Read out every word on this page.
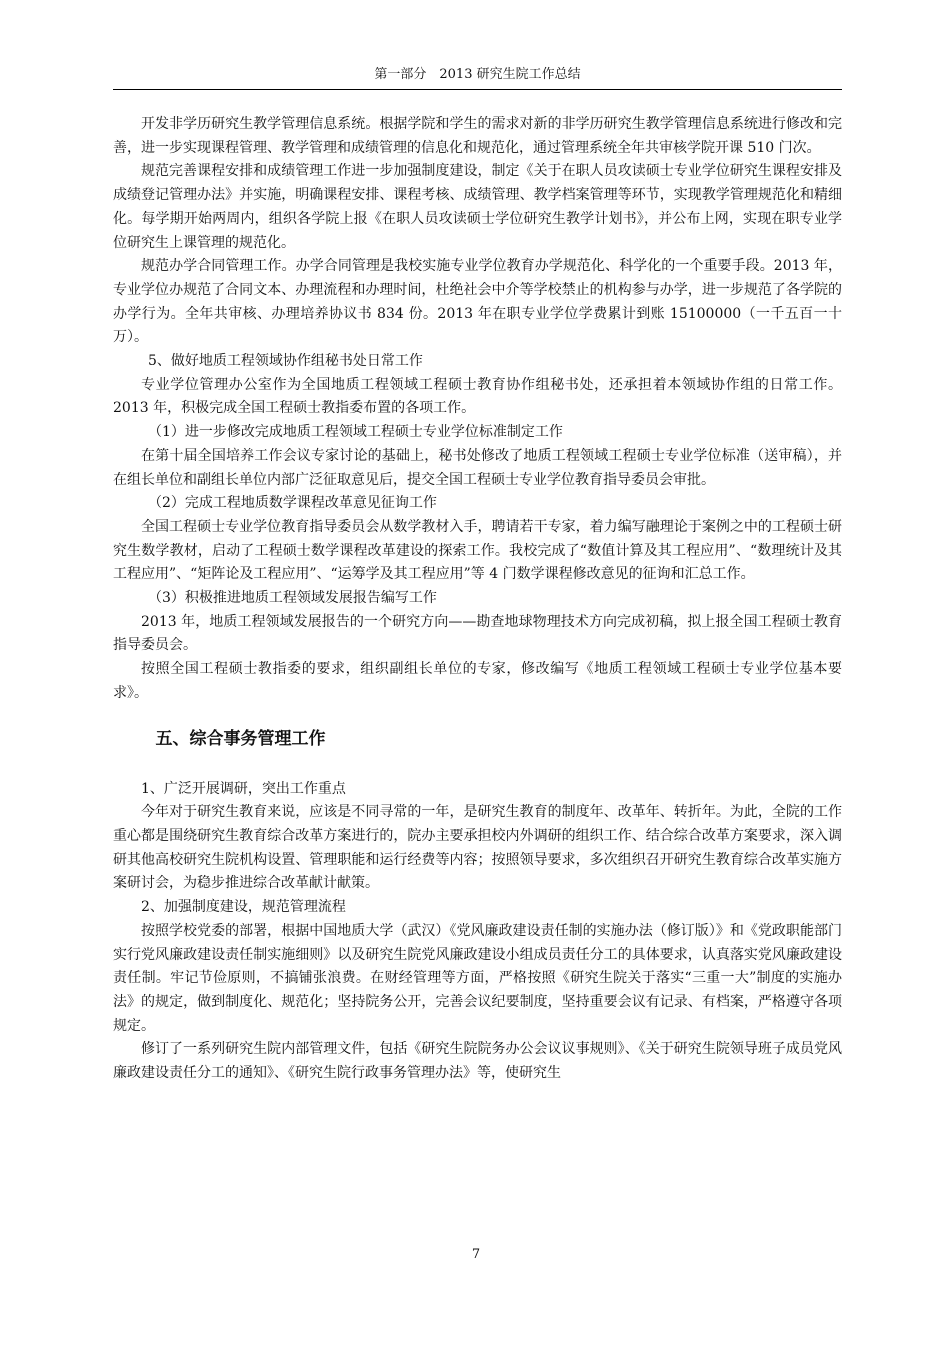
第一部分　2013 研究生院工作总结

开发非学历研究生教学管理信息系统。根据学院和学生的需求对新的非学历研究生教学管理信息系统进行修改和完善，进一步实现课程管理、教学管理和成绩管理的信息化和规范化，通过管理系统全年共审核学院开课 510 门次。

规范完善课程安排和成绩管理工作进一步加强制度建设，制定《关于在职人员攻读硕士专业学位研究生课程安排及成绩登记管理办法》并实施，明确课程安排、课程考核、成绩管理、教学档案管理等环节，实现教学管理规范化和精细化。每学期开始两周内，组织各学院上报《在职人员攻读硕士学位研究生教学计划书》，并公布上网，实现在职专业学位研究生上课管理的规范化。

规范办学合同管理工作。办学合同管理是我校实施专业学位教育办学规范化、科学化的一个重要手段。2013 年，专业学位办规范了合同文本、办理流程和办理时间，杜绝社会中介等学校禁止的机构参与办学，进一步规范了各学院的办学行为。全年共审核、办理培养协议书 834 份。2013 年在职专业学位学费累计到账 15100000（一千五百一十万）。

5、做好地质工程领域协作组秘书处日常工作

专业学位管理办公室作为全国地质工程领域工程硕士教育协作组秘书处，还承担着本领域协作组的日常工作。2013 年，积极完成全国工程硕士教指委布置的各项工作。

（1）进一步修改完成地质工程领域工程硕士专业学位标准制定工作

在第十届全国培养工作会议专家讨论的基础上，秘书处修改了地质工程领域工程硕士专业学位标准（送审稿），并在组长单位和副组长单位内部广泛征取意见后，提交全国工程硕士专业学位教育指导委员会审批。

（2）完成工程地质数学课程改革意见征询工作

全国工程硕士专业学位教育指导委员会从数学教材入手，聘请若干专家，着力编写融理论于案例之中的工程硕士研究生数学教材，启动了工程硕士数学课程改革建设的探索工作。我校完成了“数值计算及其工程应用”、“数理统计及其工程应用”、“矩阵论及工程应用”、“运筹学及其工程应用”等 4 门数学课程修改意见的征询和汇总工作。

（3）积极推进地质工程领域发展报告编写工作

2013 年，地质工程领域发展报告的一个研究方向——勘查地球物理技术方向完成初稿，拟上报全国工程硕士教育指导委员会。

按照全国工程硕士教指委的要求，组织副组长单位的专家，修改编写《地质工程领域工程硕士专业学位基本要求》。

五、综合事务管理工作

1、广泛开展调研，突出工作重点

今年对于研究生教育来说，应该是不同寻常的一年，是研究生教育的制度年、改革年、转折年。为此，全院的工作重心都是围绕研究生教育综合改革方案进行的，院办主要承担校内外调研的组织工作、结合综合改革方案要求，深入调研其他高校研究生院机构设置、管理职能和运行经费等内容；按照领导要求，多次组织召开研究生教育综合改革实施方案研讨会，为稳步推进综合改革献计献策。

2、加强制度建设，规范管理流程

按照学校党委的部署，根据中国地质大学（武汉）《党风廉政建设责任制的实施办法（修订版）》和《党政职能部门实行党风廉政建设责任制实施细则》以及研究生院党风廉政建设小组成员责任分工的具体要求，认真落实党风廉政建设责任制。牢记节俭原则，不搞铺张浪费。在财经管理等方面，严格按照《研究生院关于落实“三重一大”制度的实施办法》的规定，做到制度化、规范化；坚持院务公开，完善会议纪要制度，坚持重要会议有记录、有档案，严格遵守各项规定。

修订了一系列研究生院内部管理文件，包括《研究生院院务办公会议议事规则》、《关于研究生院领导班子成员党风廉政建设责任分工的通知》、《研究生院行政事务管理办法》等，使研究生

7
